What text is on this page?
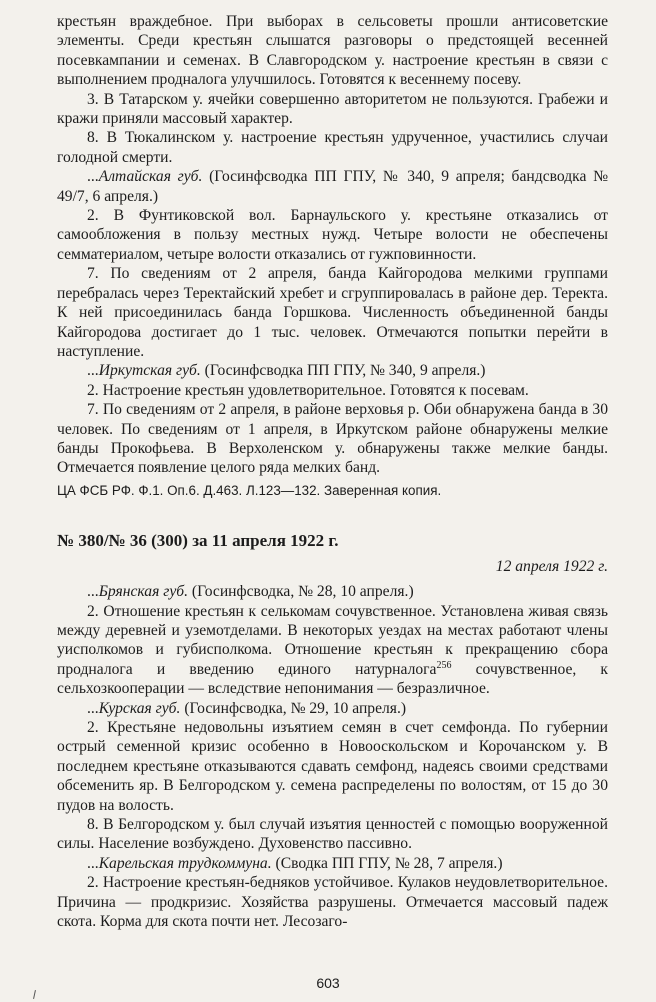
крестьян враждебное. При выборах в сельсоветы прошли антисоветские элементы. Среди крестьян слышатся разговоры о предстоящей весенней посевкампании и семенах. В Славгородском у. настроение крестьян в связи с выполнением продналога улучшилось. Готовятся к весеннему посеву.

3. В Татарском у. ячейки совершенно авторитетом не пользуются. Грабежи и кражи приняли массовый характер.

8. В Тюкалинском у. настроение крестьян удрученное, участились случаи голодной смерти.

...Алтайская губ. (Госинфсводка ПП ГПУ, № 340, 9 апреля; бандсводка № 49/7, 6 апреля.)

2. В Фунтиковской вол. Барнаульского у. крестьяне отказались от самообложения в пользу местных нужд. Четыре волости не обеспечены семматериалом, четыре волости отказались от гужповинности.

7. По сведениям от 2 апреля, банда Кайгородова мелкими группами перебралась через Теректайский хребет и сгруппировалась в районе дер. Теректа. К ней присоединилась банда Горшкова. Численность объединенной банды Кайгородова достигает до 1 тыс. человек. Отмечаются попытки перейти в наступление.

...Иркутская губ. (Госинфсводка ПП ГПУ, № 340, 9 апреля.)

2. Настроение крестьян удовлетворительное. Готовятся к посевам.

7. По сведениям от 2 апреля, в районе верховья р. Оби обнаружена банда в 30 человек. По сведениям от 1 апреля, в Иркутском районе обнаружены мелкие банды Прокофьева. В Верхоленском у. обнаружены также мелкие банды. Отмечается появление целого ряда мелких банд.

ЦА ФСБ РФ. Ф.1. Оп.6. Д.463. Л.123—132. Заверенная копия.

№ 380/№ 36 (300) за 11 апреля 1922 г.

12 апреля 1922 г.

...Брянская губ. (Госинфсводка, № 28, 10 апреля.)

2. Отношение крестьян к селькомам сочувственное. Установлена живая связь между деревней и уземотделами. В некоторых уездах на местах работают члены уисполкомов и губисполкома. Отношение крестьян к прекращению сбора продналога и введению единого натурналога$^{256}$ сочувственное, к сельхозкооперации — вследствие непонимания — безразличное.

...Курская губ. (Госинфсводка, № 29, 10 апреля.)

2. Крестьяне недовольны изъятием семян в счет семфонда. По губернии острый семенной кризис особенно в Новооскольском и Корочанском у. В последнем крестьяне отказываются сдавать семфонд, надеясь своими средствами обсеменить яр. В Белгородском у. семена распределены по волостям, от 15 до 30 пудов на волость.

8. В Белгородском у. был случай изъятия ценностей с помощью вооруженной силы. Население возбуждено. Духовенство пассивно.

...Карельская трудкоммуна. (Сводка ПП ГПУ, № 28, 7 апреля.)

2. Настроение крестьян-бедняков устойчивое. Кулаков неудовлетворительное. Причина — продкризис. Хозяйства разрушены. Отмечается массовый падеж скота. Корма для скота почти нет. Лесозаго-

603
